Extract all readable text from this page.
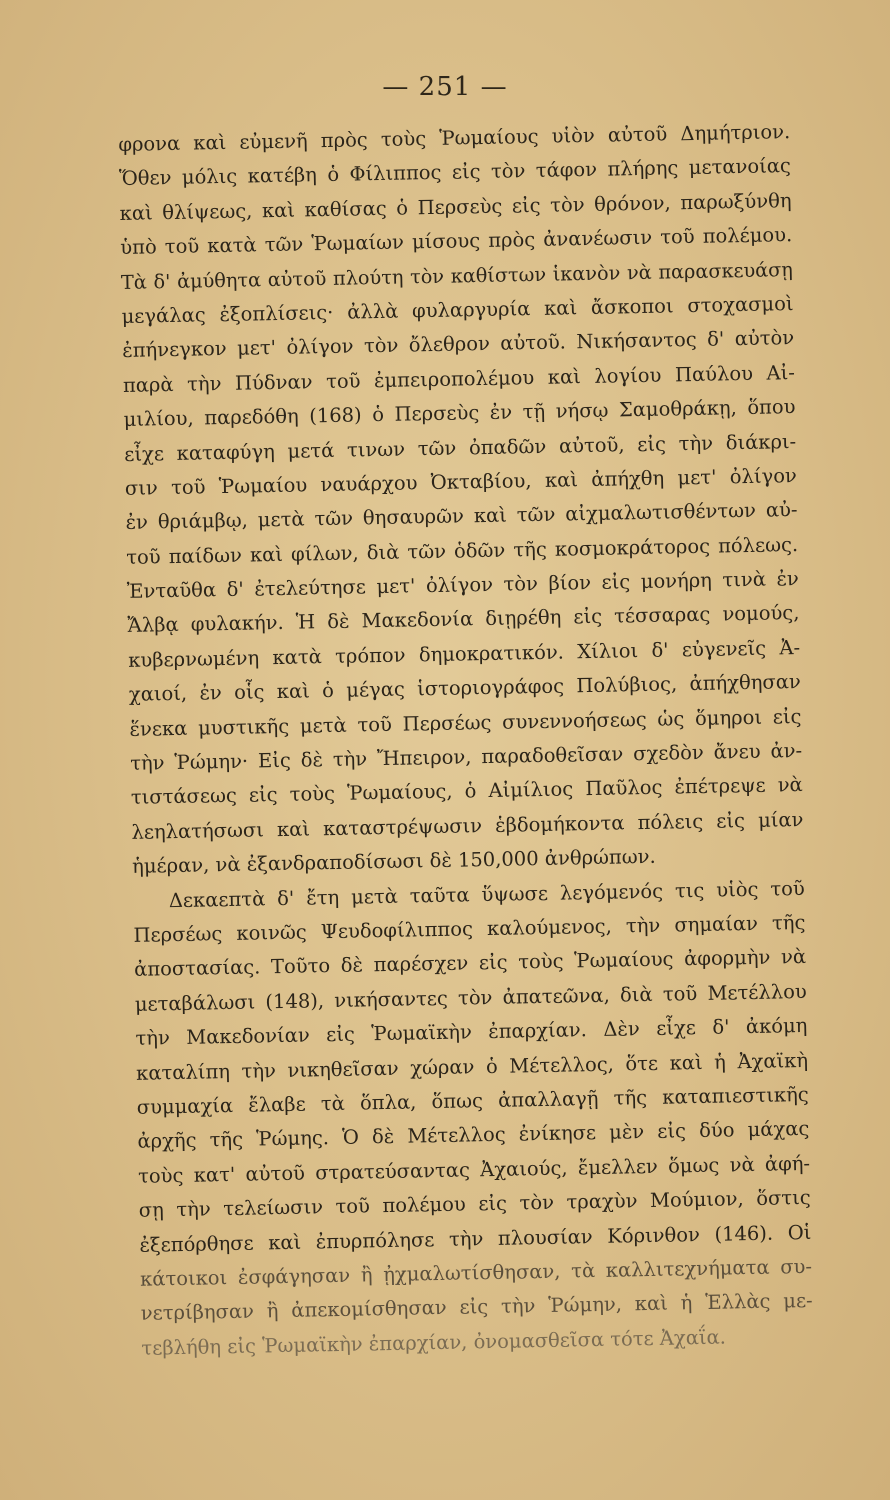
— 251 —
φρονα καὶ εὐμενῆ πρὸς τοὺς Ῥωμαίους υἱὸν αὐτοῦ Δημήτριον.
Ὅθεν μόλις κατέβη ὁ Φίλιππος εἰς τὸν τάφον πλήρης μετανοίας
καὶ θλίψεως, καὶ καθίσας ὁ Περσεὺς εἰς τὸν θρόνον, παρωξύνθη
ὑπὸ τοῦ κατὰ τῶν Ῥωμαίων μίσους πρὸς ἀνανέωσιν τοῦ πολέμου.
Τὰ δ' ἀμύθητα αὐτοῦ πλούτη τὸν καθίστων ἱκανὸν νὰ παρασκευάσῃ
μεγάλας ἐξοπλίσεις· ἀλλὰ φυλαργυρία καὶ ἄσκοποι στοχασμοὶ
ἐπήνεγκον μετ' ὀλίγον τὸν ὄλεθρον αὐτοῦ. Νικήσαντος δ' αὐτὸν
παρὰ τὴν Πύδναν τοῦ ἐμπειροπολέμου καὶ λογίου Παύλου Αἰ-
μιλίου, παρεδόθη (168) ὁ Περσεὺς ἐν τῇ νήσῳ Σαμοθράκῃ, ὅπου
εἶχε καταφύγη μετά τινων τῶν ὀπαδῶν αὐτοῦ, εἰς τὴν διάκρι-
σιν τοῦ Ῥωμαίου ναυάρχου Ὀκταβίου, καὶ ἀπήχθη μετ' ὀλίγον
ἐν θριάμβῳ, μετὰ τῶν θησαυρῶν καὶ τῶν αἰχμαλωτισθέντων αὐ-
τοῦ παίδων καὶ φίλων, διὰ τῶν ὁδῶν τῆς κοσμοκράτορος πόλεως.
Ἐνταῦθα δ' ἐτελεύτησε μετ' ὀλίγον τὸν βίον εἰς μονήρη τινὰ ἐν
Ἄλβᾳ φυλακήν. Ἡ δὲ Μακεδονία διῃρέθη εἰς τέσσαρας νομούς,
κυβερνωμένη κατὰ τρόπον δημοκρατικόν. Χίλιοι δ' εὐγενεῖς Ἀ-
χαιοί, ἐν οἷς καὶ ὁ μέγας ἱστοριογράφος Πολύβιος, ἀπήχθησαν
ἕνεκα μυστικῆς μετὰ τοῦ Περσέως συνεννοήσεως ὡς ὅμηροι εἰς
τὴν Ῥώμην· Εἰς δὲ τὴν Ἤπειρον, παραδοθεῖσαν σχεδὸν ἄνευ ἀν-
τιστάσεως εἰς τοὺς Ῥωμαίους, ὁ Αἰμίλιος Παῦλος ἐπέτρεψε νὰ
λεηλατήσωσι καὶ καταστρέψωσιν ἑβδομήκοντα πόλεις εἰς μίαν
ἡμέραν, νὰ ἐξανδραποδίσωσι δὲ 150,000 ἀνθρώπων.
Δεκαεπτὰ δ' ἔτη μετὰ ταῦτα ὕψωσε λεγόμενός τις υἱὸς τοῦ
Περσέως κοινῶς Ψευδοφίλιππος καλούμενος, τὴν σημαίαν τῆς
ἀποστασίας. Τοῦτο δὲ παρέσχεν εἰς τοὺς Ῥωμαίους ἀφορμὴν νὰ
μεταβάλωσι (148), νικήσαντες τὸν ἀπατεῶνα, διὰ τοῦ Μετέλλου
τὴν Μακεδονίαν εἰς Ῥωμαϊκὴν ἐπαρχίαν. Δὲν εἶχε δ' ἀκόμη
καταλίπη τὴν νικηθεῖσαν χώραν ὁ Μέτελλος, ὅτε καὶ ἡ Ἀχαϊκὴ
συμμαχία ἔλαβε τὰ ὅπλα, ὅπως ἀπαλλαγῇ τῆς καταπιεστικῆς
ἀρχῆς τῆς Ῥώμης. Ὁ δὲ Μέτελλος ἐνίκησε μὲν εἰς δύο μάχας
τοὺς κατ' αὐτοῦ στρατεύσαντας Ἀχαιούς, ἔμελλεν ὅμως νὰ ἀφή-
σῃ τὴν τελείωσιν τοῦ πολέμου εἰς τὸν τραχὺν Μούμιον, ὅστις
ἐξεπόρθησε καὶ ἐπυρπόλησε τὴν πλουσίαν Κόρινθον (146). Οἱ
κάτοικοι ἐσφάγησαν ἢ ᾐχμαλωτίσθησαν, τὰ καλλιτεχνήματα συ-
νετρίβησαν ἢ ἀπεκομίσθησαν εἰς τὴν Ῥώμην, καὶ ἡ Ἑλλὰς με-
τεβλήθη εἰς Ῥωμαϊκὴν ἐπαρχίαν, ὀνομασθεῖσα τότε Ἀχαΐα.
